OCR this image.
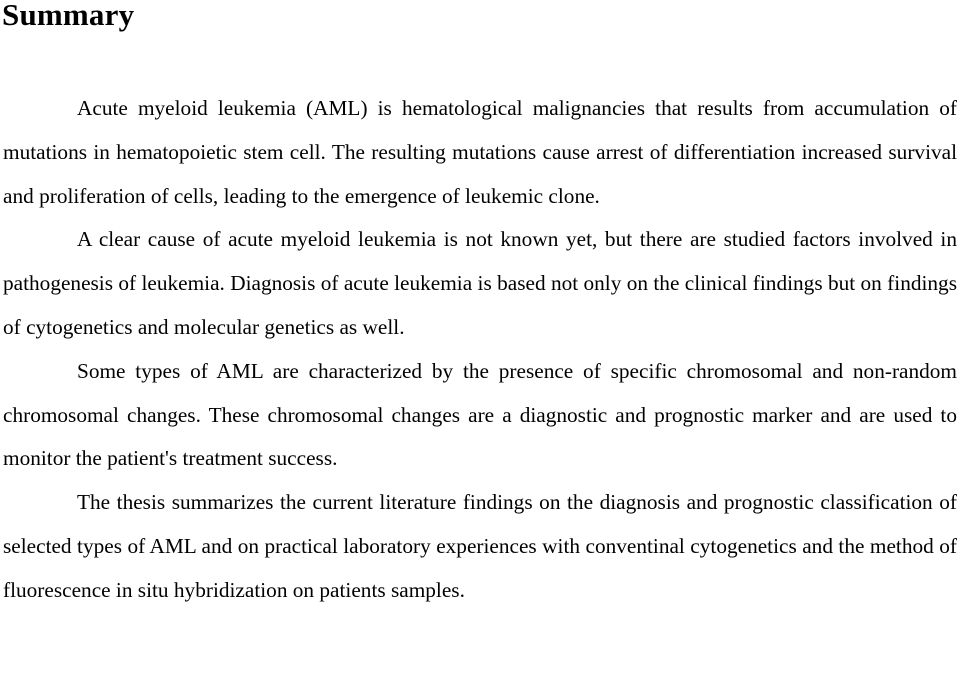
Summary

Acute myeloid leukemia (AML) is hematological malignancies that results from accumulation of mutations in hematopoietic stem cell. The resulting mutations cause arrest of differentiation increased survival and proliferation of cells, leading to the emergence of leukemic clone.

A clear cause of acute myeloid leukemia is not known yet, but there are studied factors involved in pathogenesis of leukemia. Diagnosis of acute leukemia is based not only on the clinical findings but on findings of cytogenetics and molecular genetics as well.

Some types of AML are characterized by the presence of specific chromosomal and non-random chromosomal changes. These chromosomal changes are a diagnostic and prognostic marker and are used to monitor the patient's treatment success.

The thesis summarizes the current literature findings on the diagnosis and prognostic classification of selected types of AML and on practical laboratory experiences with conventinal cytogenetics and the method of fluorescence in situ hybridization on patients samples.
